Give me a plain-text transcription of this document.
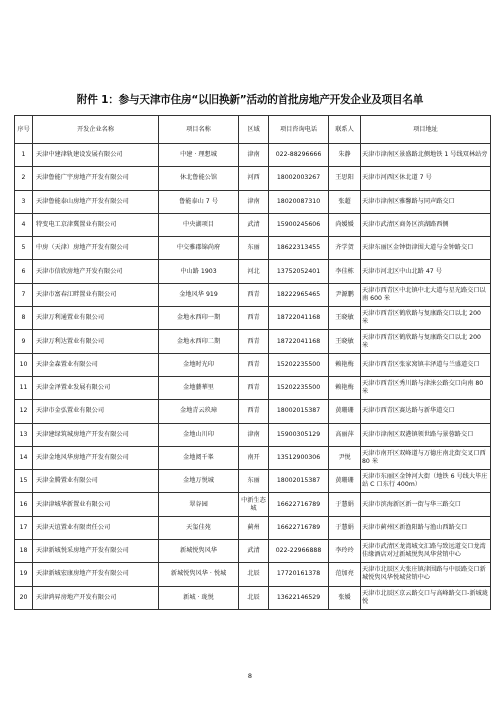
附件 1：参与天津市住房“以旧换新”活动的首批房地产开发企业及项目名单
序号	开发企业名称	项目名称	区域	项目咨询电话	联系人	项目地址
1	天津中建津轨建设发展有限公司	中建 · 理想城	津南	022-88296666	朱静	天津市津南区景盛路北侧地铁 1 号线双林站旁
2	天津鲁能广宇房地产开发有限公司	休北鲁能公馆	河西	18002003267	王思阳	天津市河西区休北道 7 号
3	天津鲁能泰山房地产开发有限公司	鲁能泰山 7 号	津南	18020087310	张超	天津市津南区雅馨路与同声路交口
4	特变电工京津冀置业有限公司	中央湖项目	武清	15900245606	尚媛媛	天津市武清区商务区滨湖路西侧
5	中房（天津）房地产开发有限公司	中交雅郡锦尚府	东丽	18622313455	齐学贺	天津东丽区金钟街津围大道与金钟路交口
6	天津市信欣房地产开发有限公司	中山路 1903	河北	13752052401	李佳栋	天津市河北区中山北路 47 号
7	天津市富春江畔置业有限公司	金地风华 919	西青	18222965465	尹源鹏	天津市西青区中北镇中北大道与星光路交口以南 600 米
8	天津万利通置业有限公司	金地永西印一期	西青	18722041168	王晓敏	天津市西青区鹤欣路与复康路交口以北 200 米
9	天津万利达置业有限公司	金地永西印二期	西青	18722041168	王晓敏	天津市西青区鹤欣路与复康路交口以北 200 米
10	天津金森置业有限公司	金地时光印	西青	15202235500	赖艳梅	天津市西青区张家窝镇丰泽道与兰盛道交口
11	天津金泽置业发展有限公司	金地藝華里	西青	15202235500	赖艳梅	天津市西青区秀川路与津涞公路交口向南 80 米
12	天津市金弘置业有限公司	金地青云玖璋	西青	18002015387	黄珊珊	天津市西青区赛达路与新华道交口
13	天津建绿筑城房地产开发有限公司	金地山川印	津南	15900305129	高丽萍	天津市津南区双港镇领世路与景蓉路交口
14	天津金地风华房地产开发有限公司	金地阅千峯	南开	13512900306	尹悦	天津市南开区双峰道与万德庄南北街交叉口西 80 米
15	天津金腾置业有限公司	金地万悦城	东丽	18002015387	黄珊珊	天津市东丽区金钟河大街（地铁 6 号线大毕庄站 C 口东行 400m）
16	天津津城华新置业有限公司	翠谷园	中新生态城	16622716789	于慧娟	天津市滨海新区新一街与华三路交口
17	天津天谊置业有限责任公司	天玺佳苑	蓟州	16622716789	于慧娟	天津市蓟州区新渔阳路与渔山西路交口
18	天津新城悦采房地产开发有限公司	新城悦隽风华	武清	022-22966888	李玲玲	天津市武清区龙湾城文汇路与致远道交口龙湾佳缘酒店对过新城悦隽风华营销中心
19	天津新城宏康房地产开发有限公司	新城悦隽风华 · 悦城	北辰	17720161378	范加亮	天津市北辰区大张庄镇津围路与中辰路交口新城悦隽风华悦城营销中心
20	天津鸿昇房地产开发有限公司	新城 · 珑悦	北辰	13622146529	张媛	天津市北辰区京云路交口与高峰路交口-新城珑悦
8
